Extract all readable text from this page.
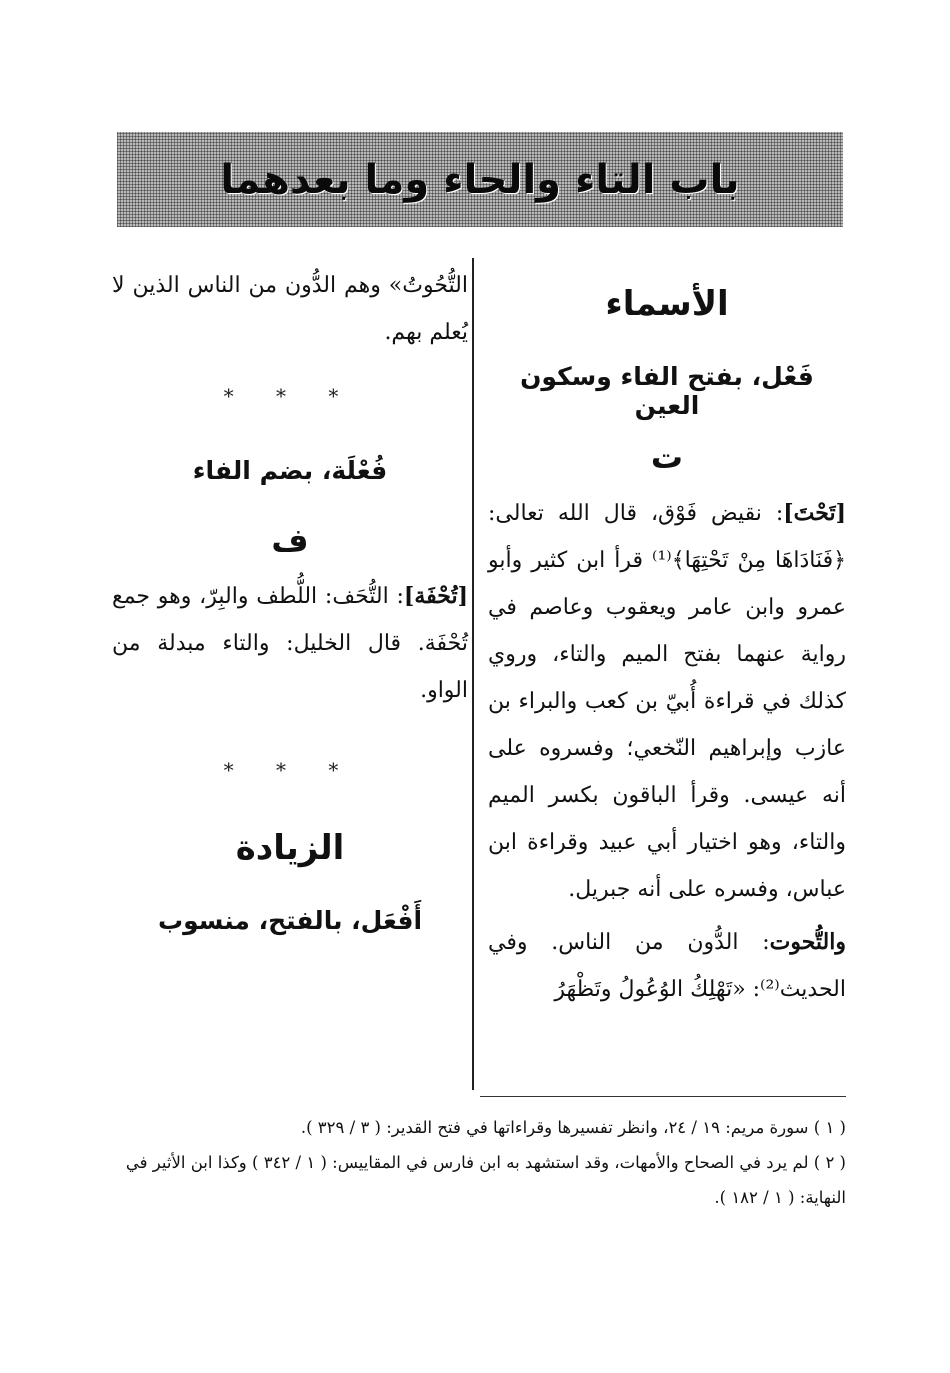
باب التاء والحاء وما بعدهما
الأسماء
فَعْل، بفتح الفاء وسكون العين
ت

[تَحْتَ]: نقيض فَوْق، قال الله تعالى: ﴿فَنَادَاهَا مِنْ تَحْتِهَا﴾⁽¹⁾ قرأ ابن كثير وأبو عمرو وابن عامر ويعقوب وعاصم في رواية عنهما بفتح الميم والتاء، وروي كذلك في قراءة أُبيّ بن كعب والبراء بن عازب وإبراهيم النّخعي؛ وفسروه على أنه عيسى. وقرأ الباقون بكسر الميم والتاء، وهو اختيار أبي عبيد وقراءة ابن عباس، وفسره على أنه جبريل.

والتُّحوت: الدُّون من الناس. وفي الحديث⁽²⁾: «تَهْلِكُ الوُعُولُ وتَظْهَرُ

التُّحُوتُ» وهم الدُّون من الناس الذين لا يُعلم بهم.

* * *
فُعْلَة، بضم الفاء
ف

[تُحْفَة]: التُّحَف: اللُّطف والبِرّ، وهو جمع تُحْفَة. قال الخليل: والتاء مبدلة من الواو.

* * *
الزيادة
أَفْعَل، بالفتح، منسوب

( ١ ) سورة مريم: ١٩ / ٢٤، وانظر تفسيرها وقراءاتها في فتح القدير: ( ٣ / ٣٢٩ ).

( ٢ ) لم يرد في الصحاح والأمهات، وقد استشهد به ابن فارس في المقاييس: ( ١ / ٣٤٢ ) وكذا ابن الأثير في النهاية: ( ١ / ١٨٢ ).
